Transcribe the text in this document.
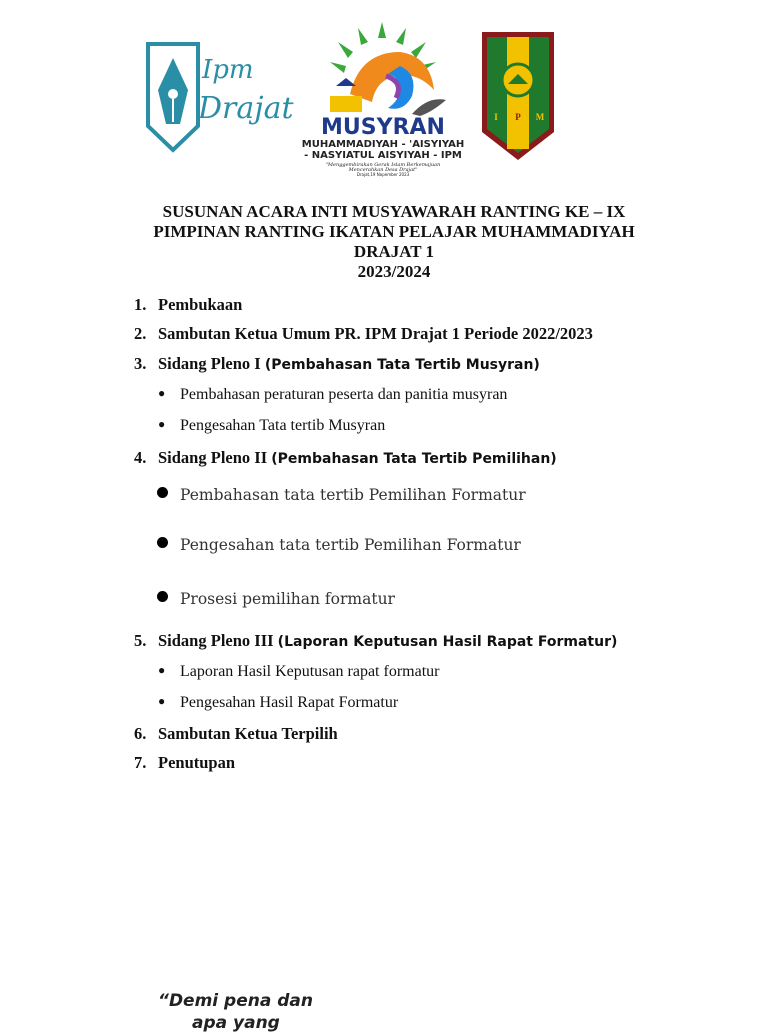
Ipm
Drajat
MUSYRAN
MUHAMMADIYAH - 'AISYIYAH
- NASYIATUL AISYIYAH - IPM
"Menggembirakan Gerak Islam Berkemajuan
Mencerahkan Desa Drajat"
Drajat,19 Nopember 2023
I P M
SUSUNAN ACARA INTI MUSYAWARAH RANTING KE – IX
PIMPINAN RANTING IKATAN PELAJAR MUHAMMADIYAH
DRAJAT 1
2023/2024
1. Pembukaan
2. Sambutan Ketua Umum PR. IPM Drajat 1 Periode 2022/2023
3. Sidang Pleno I (Pembahasan Tata Tertib Musyran)
● Pembahasan peraturan peserta dan panitia musyran
● Pengesahan Tata tertib Musyran
4. Sidang Pleno II (Pembahasan Tata Tertib Pemilihan)
Pembahasan tata tertib Pemilihan Formatur
Pengesahan tata tertib Pemilihan Formatur
Prosesi pemilihan formatur
5. Sidang Pleno III (Laporan Keputusan Hasil Rapat Formatur)
● Laporan Hasil Keputusan rapat formatur
● Pengesahan Hasil Rapat Formatur
6. Sambutan Ketua Terpilih
7. Penutupan
“Demi pena dan
apa yang
